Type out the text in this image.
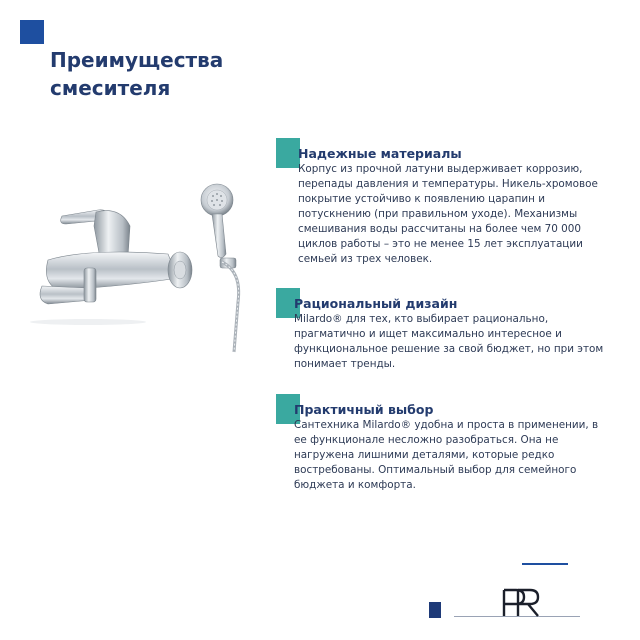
Преимущества смесителя
Надежные материалы

Корпус из прочной латуни выдерживает коррозию, перепады давления и температуры. Никель-хромовое покрытие устойчиво к появлению царапин и потускнению (при правильном уходе). Механизмы смешивания воды рассчитаны на более чем 70 000 циклов работы – это не менее 15 лет эксплуатации семьей из трех человек.

Рациональный дизайн

Milardo® для тех, кто выбирает рационально, прагматично и ищет максимально интересное и функциональное решение за свой бюджет, но при этом понимает тренды.

Практичный выбор

Сантехника Milardo® удобна и проста в применении, в ее функционале несложно разобраться. Она не нагружена лишними деталями, которые редко востребованы. Оптимальный выбор для семейного бюджета и комфорта.
